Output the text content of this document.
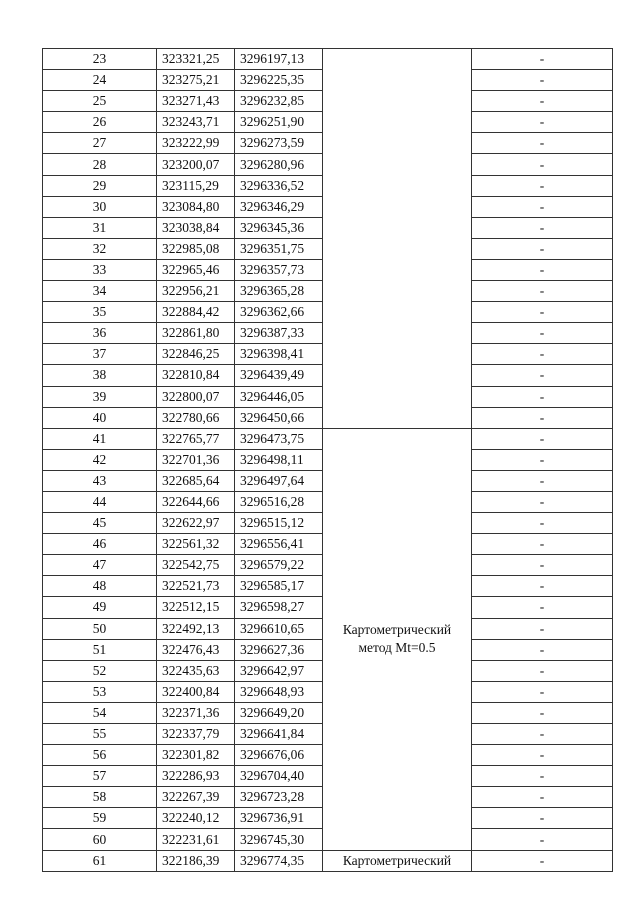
23	323321,25	3296197,13		-
24	323275,21	3296225,35		-
25	323271,43	3296232,85		-
26	323243,71	3296251,90		-
27	323222,99	3296273,59		-
28	323200,07	3296280,96		-
29	323115,29	3296336,52		-
30	323084,80	3296346,29		-
31	323038,84	3296345,36		-
32	322985,08	3296351,75		-
33	322965,46	3296357,73		-
34	322956,21	3296365,28		-
35	322884,42	3296362,66		-
36	322861,80	3296387,33		-
37	322846,25	3296398,41		-
38	322810,84	3296439,49		-
39	322800,07	3296446,05		-
40	322780,66	3296450,66		-
41	322765,77	3296473,75	Картометрический метод Mt=0.5	-
42	322701,36	3296498,11		-
43	322685,64	3296497,64		-
44	322644,66	3296516,28		-
45	322622,97	3296515,12		-
46	322561,32	3296556,41		-
47	322542,75	3296579,22		-
48	322521,73	3296585,17		-
49	322512,15	3296598,27		-
50	322492,13	3296610,65		-
51	322476,43	3296627,36		-
52	322435,63	3296642,97		-
53	322400,84	3296648,93		-
54	322371,36	3296649,20		-
55	322337,79	3296641,84		-
56	322301,82	3296676,06		-
57	322286,93	3296704,40		-
58	322267,39	3296723,28		-
59	322240,12	3296736,91		-
60	322231,61	3296745,30		-
61	322186,39	3296774,35	Картометрический	-
